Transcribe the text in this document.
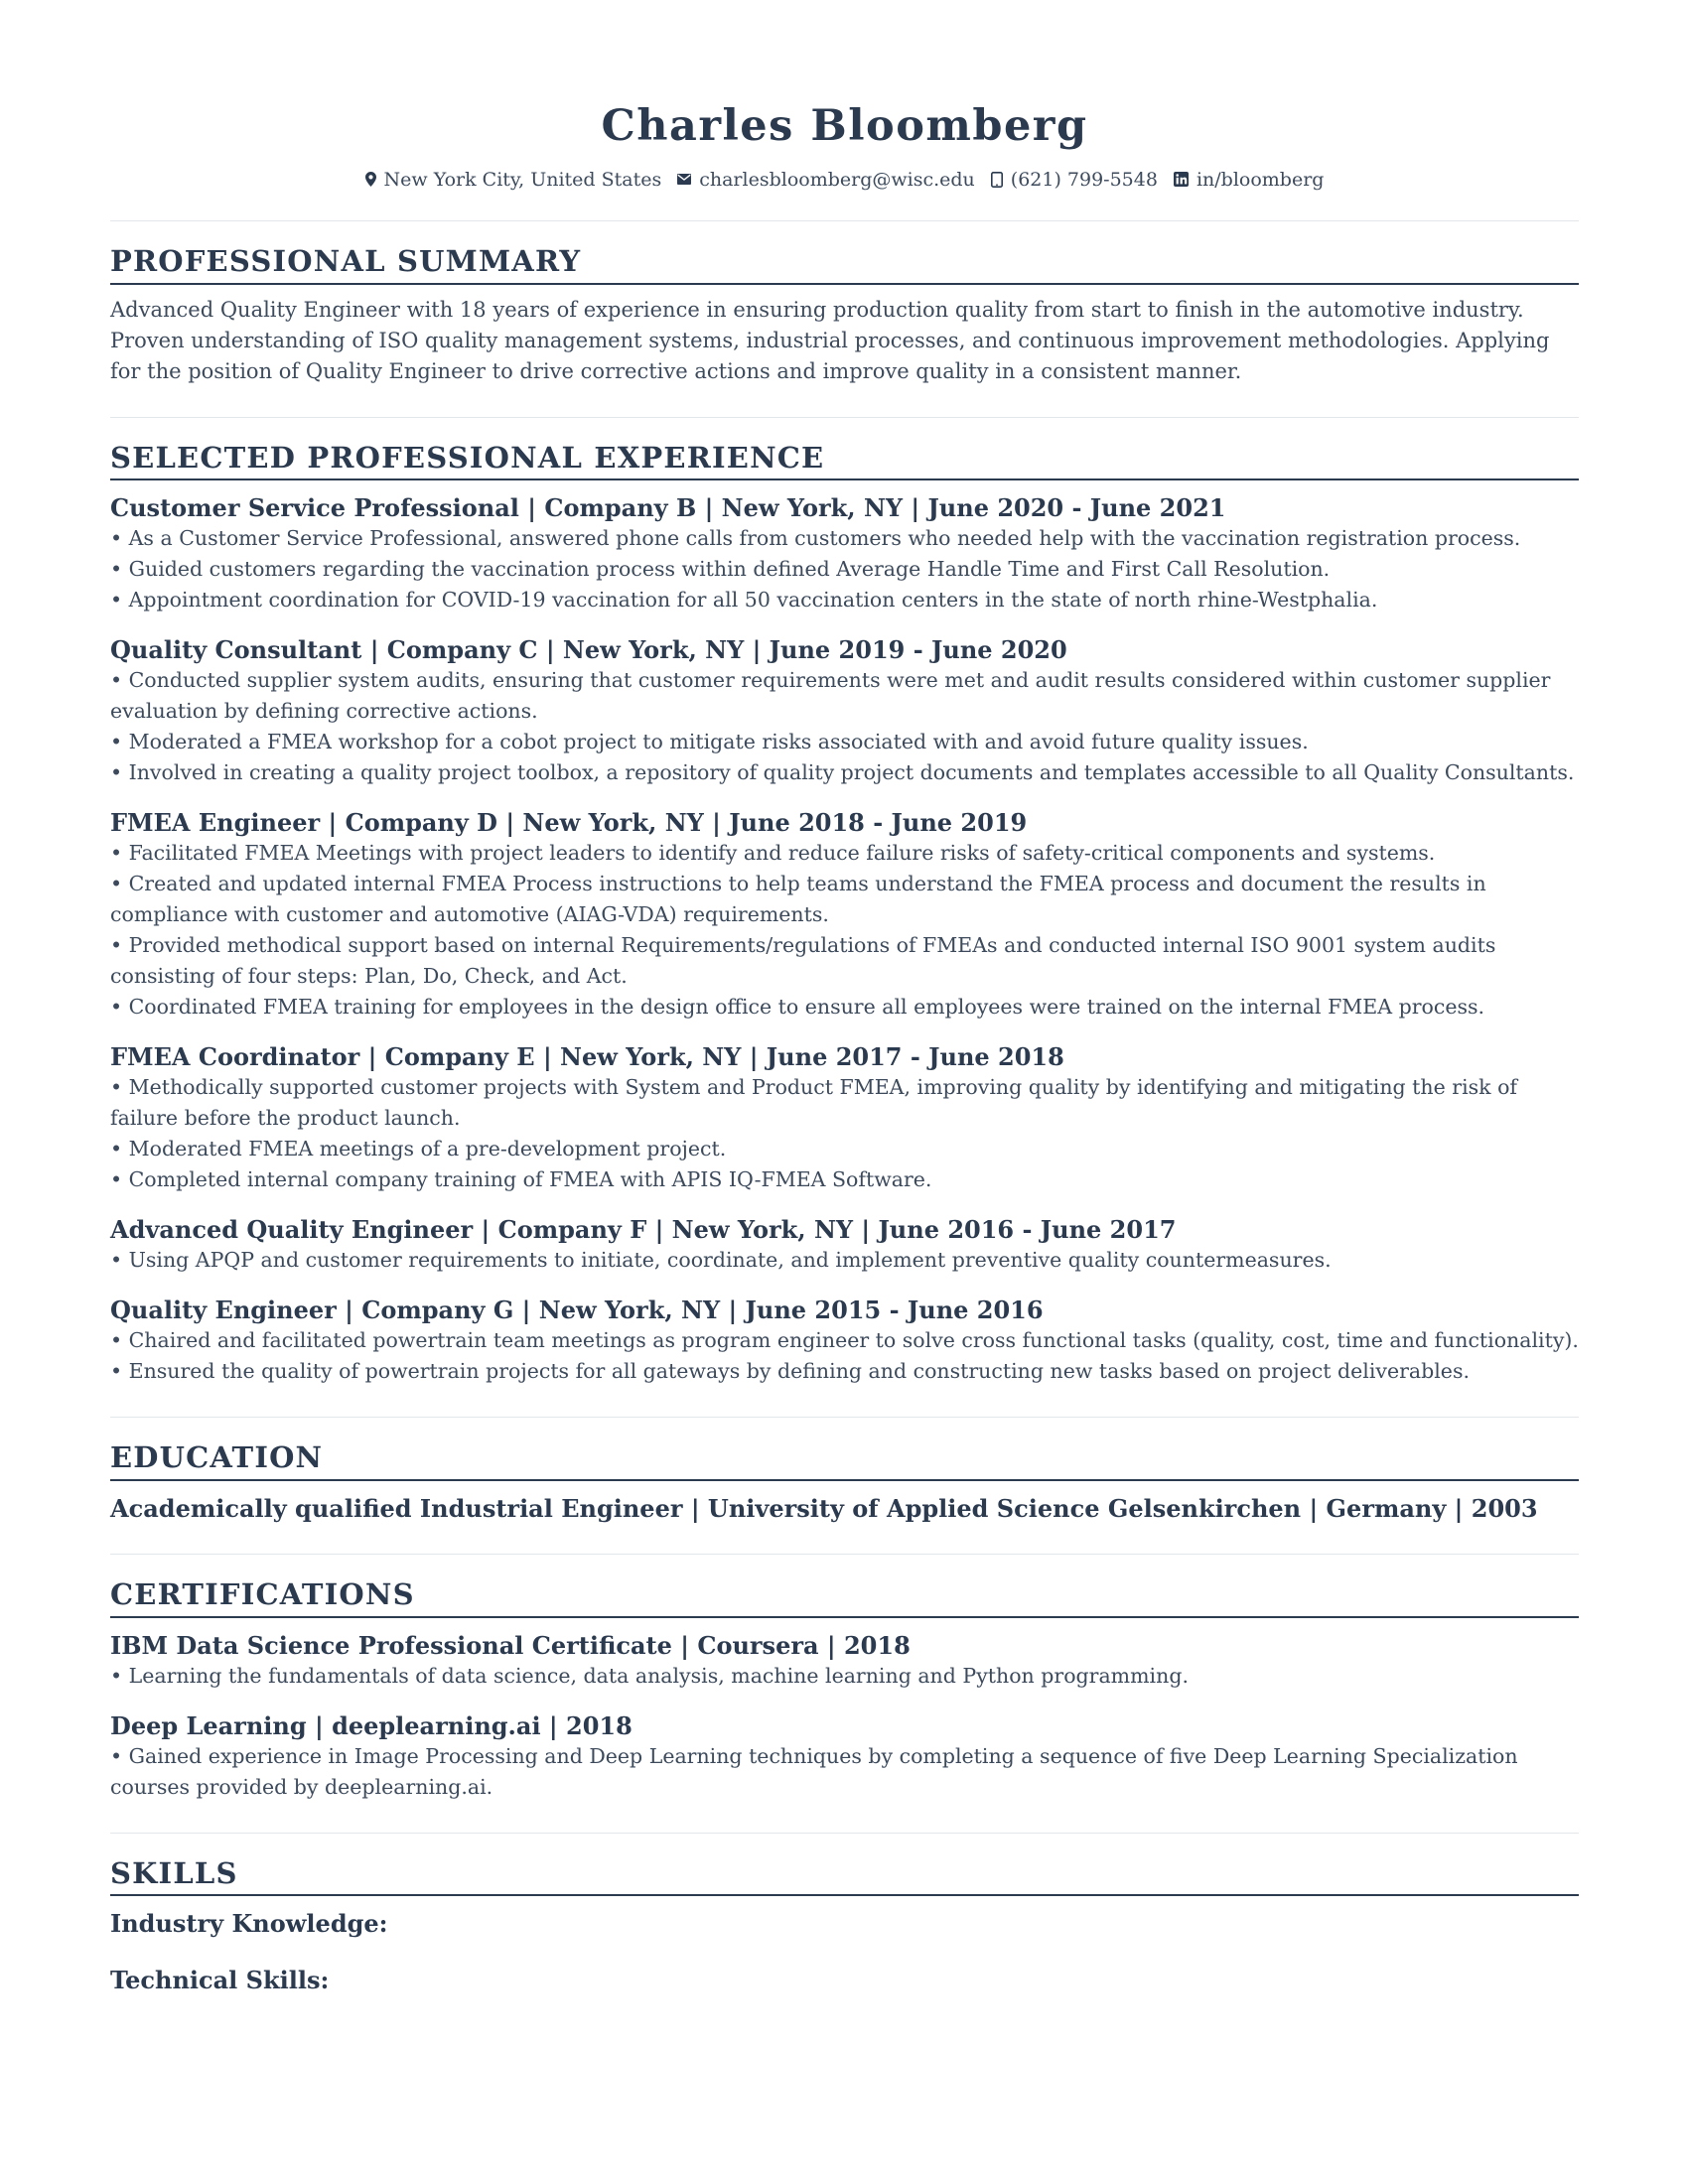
Charles Bloomberg
New York City, United States charlesbloomberg@wisc.edu (621) 799-5548 in/bloomberg
PROFESSIONAL SUMMARY
Advanced Quality Engineer with 18 years of experience in ensuring production quality from start to finish in the automotive industry. Proven understanding of ISO quality management systems, industrial processes, and continuous improvement methodologies. Applying for the position of Quality Engineer to drive corrective actions and improve quality in a consistent manner.
SELECTED PROFESSIONAL EXPERIENCE
Customer Service Professional | Company B | New York, NY | June 2020 - June 2021
• As a Customer Service Professional, answered phone calls from customers who needed help with the vaccination registration process.
• Guided customers regarding the vaccination process within defined Average Handle Time and First Call Resolution.
• Appointment coordination for COVID-19 vaccination for all 50 vaccination centers in the state of north rhine-Westphalia.
Quality Consultant | Company C | New York, NY | June 2019 - June 2020
• Conducted supplier system audits, ensuring that customer requirements were met and audit results considered within customer supplier evaluation by defining corrective actions.
• Moderated a FMEA workshop for a cobot project to mitigate risks associated with and avoid future quality issues.
• Involved in creating a quality project toolbox, a repository of quality project documents and templates accessible to all Quality Consultants.
FMEA Engineer | Company D | New York, NY | June 2018 - June 2019
• Facilitated FMEA Meetings with project leaders to identify and reduce failure risks of safety-critical components and systems.
• Created and updated internal FMEA Process instructions to help teams understand the FMEA process and document the results in compliance with customer and automotive (AIAG-VDA) requirements.
• Provided methodical support based on internal Requirements/regulations of FMEAs and conducted internal ISO 9001 system audits consisting of four steps: Plan, Do, Check, and Act.
• Coordinated FMEA training for employees in the design office to ensure all employees were trained on the internal FMEA process.
FMEA Coordinator | Company E | New York, NY | June 2017 - June 2018
• Methodically supported customer projects with System and Product FMEA, improving quality by identifying and mitigating the risk of failure before the product launch.
• Moderated FMEA meetings of a pre-development project.
• Completed internal company training of FMEA with APIS IQ-FMEA Software.
Advanced Quality Engineer | Company F | New York, NY | June 2016 - June 2017
• Using APQP and customer requirements to initiate, coordinate, and implement preventive quality countermeasures.
Quality Engineer | Company G | New York, NY | June 2015 - June 2016
• Chaired and facilitated powertrain team meetings as program engineer to solve cross functional tasks (quality, cost, time and functionality).
• Ensured the quality of powertrain projects for all gateways by defining and constructing new tasks based on project deliverables.
EDUCATION
Academically qualified Industrial Engineer | University of Applied Science Gelsenkirchen | Germany | 2003
CERTIFICATIONS
IBM Data Science Professional Certificate | Coursera | 2018
• Learning the fundamentals of data science, data analysis, machine learning and Python programming.
Deep Learning | deeplearning.ai | 2018
• Gained experience in Image Processing and Deep Learning techniques by completing a sequence of five Deep Learning Specialization courses provided by deeplearning.ai.
SKILLS
Industry Knowledge:
Technical Skills:
